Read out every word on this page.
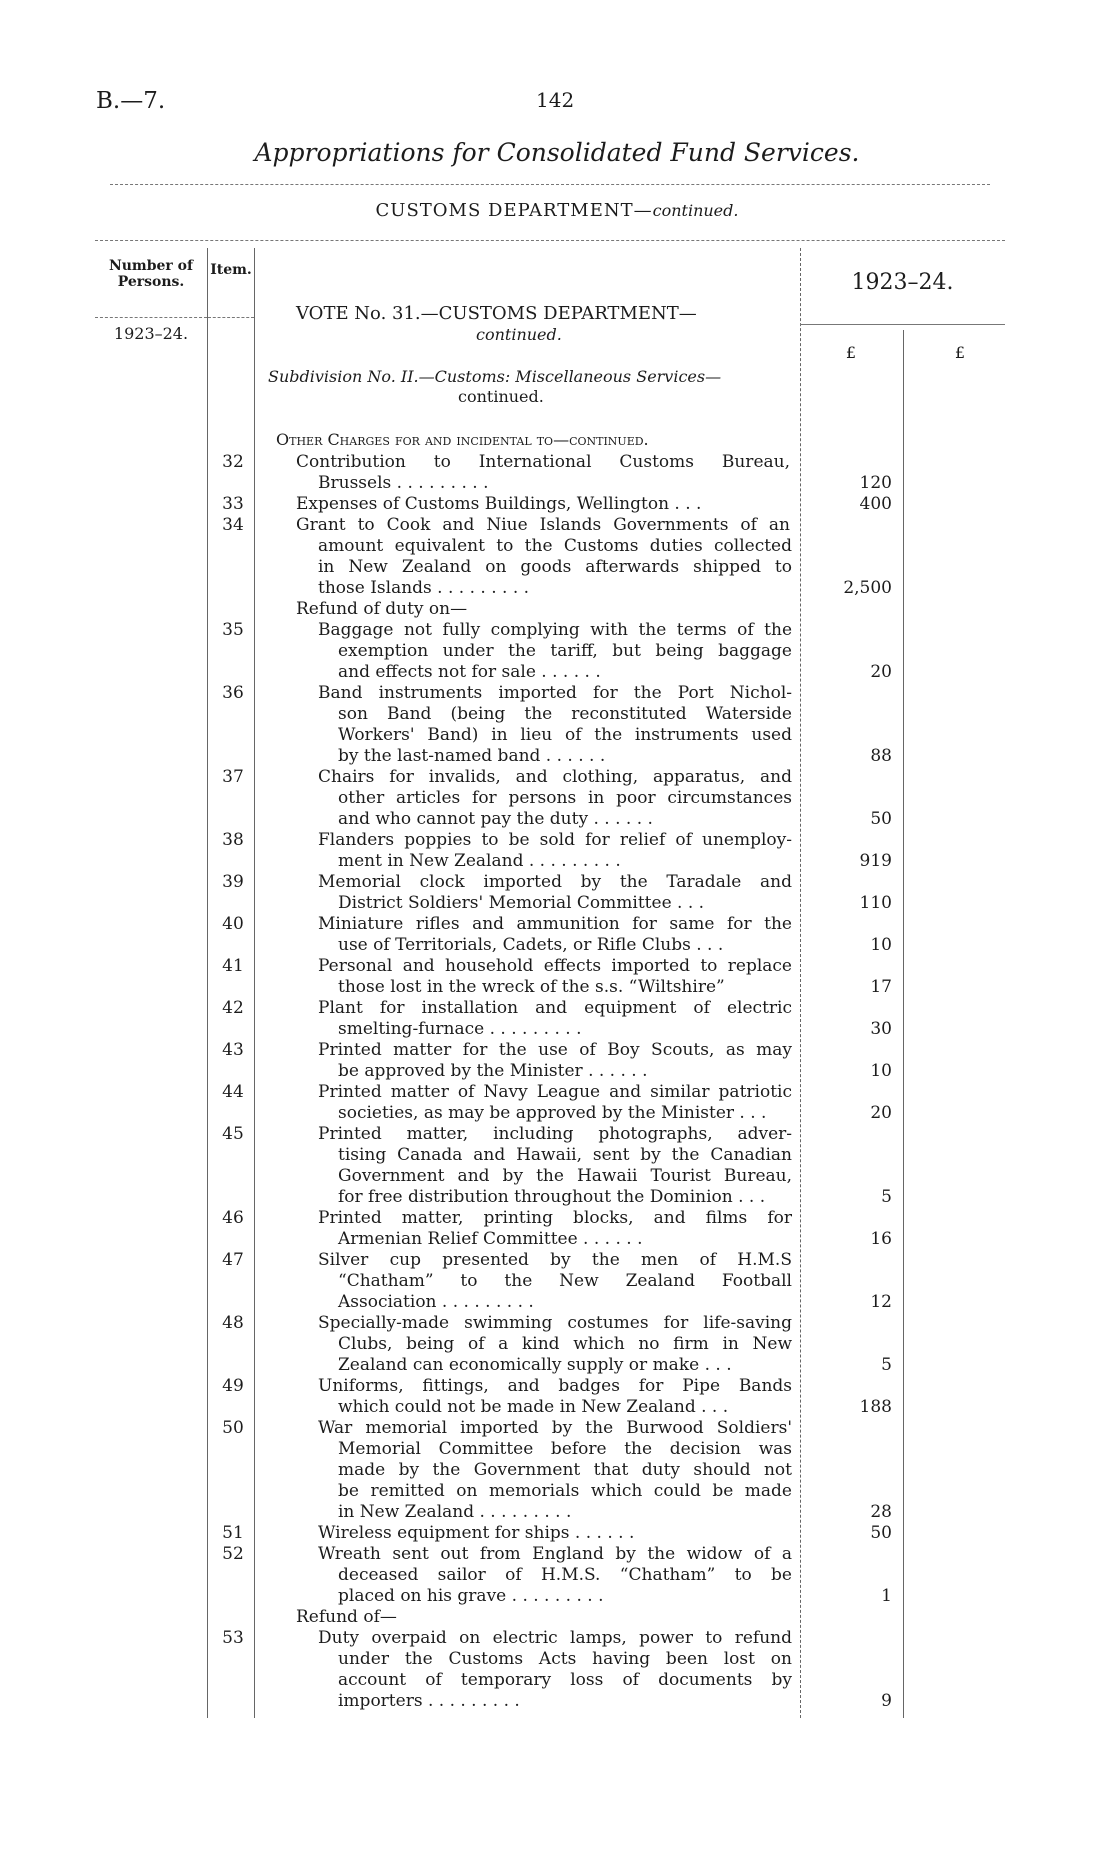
B.—7.	142
Appropriations for Consolidated Fund Services.
CUSTOMS DEPARTMENT—continued.
Number of Persons.
Item.	1923–24.
1923–24.
£	£
VOTE No. 31.—CUSTOMS DEPARTMENT—
continued.
Subdivision No. II.—Customs: Miscellaneous Services—
continued.
Other Charges for and incidental to—continued.
32	Contribution to International Customs Bureau,
Brussels . . . . . . . . .	120
33	Expenses of Customs Buildings, Wellington . . .	400
34	Grant to Cook and Niue Islands Governments of an
amount equivalent to the Customs duties collected
in New Zealand on goods afterwards shipped to
those Islands . . . . . . . . .	2,500
Refund of duty on—
35	Baggage not fully complying with the terms of the
exemption under the tariff, but being baggage
and effects not for sale . . . . . .	20
36	Band instruments imported for the Port Nichol-
son Band (being the reconstituted Waterside
Workers' Band) in lieu of the instruments used
by the last-named band . . . . . .	88
37	Chairs for invalids, and clothing, apparatus, and
other articles for persons in poor circumstances
and who cannot pay the duty . . . . . .	50
38	Flanders poppies to be sold for relief of unemploy-
ment in New Zealand . . . . . . . . .	919
39	Memorial clock imported by the Taradale and
District Soldiers' Memorial Committee . . .	110
40	Miniature rifles and ammunition for same for the
use of Territorials, Cadets, or Rifle Clubs . . .	10
41	Personal and household effects imported to replace
those lost in the wreck of the s.s. “Wiltshire”	17
42	Plant for installation and equipment of electric
smelting-furnace . . . . . . . . .	30
43	Printed matter for the use of Boy Scouts, as may
be approved by the Minister . . . . . .	10
44	Printed matter of Navy League and similar patriotic
societies, as may be approved by the Minister . . .	20
45	Printed matter, including photographs, adver-
tising Canada and Hawaii, sent by the Canadian
Government and by the Hawaii Tourist Bureau,
for free distribution throughout the Dominion . . .	5
46	Printed matter, printing blocks, and films for
Armenian Relief Committee . . . . . .	16
47	Silver cup presented by the men of H.M.S
“Chatham” to the New Zealand Football
Association . . . . . . . . .	12
48	Specially-made swimming costumes for life-saving
Clubs, being of a kind which no firm in New
Zealand can economically supply or make . . .	5
49	Uniforms, fittings, and badges for Pipe Bands
which could not be made in New Zealand . . .	188
50	War memorial imported by the Burwood Soldiers'
Memorial Committee before the decision was
made by the Government that duty should not
be remitted on memorials which could be made
in New Zealand . . . . . . . . .	28
51	Wireless equipment for ships . . . . . .	50
52	Wreath sent out from England by the widow of a
deceased sailor of H.M.S. “Chatham” to be
placed on his grave . . . . . . . . .	1
Refund of—
53	Duty overpaid on electric lamps, power to refund
under the Customs Acts having been lost on
account of temporary loss of documents by
importers . . . . . . . . .	9
